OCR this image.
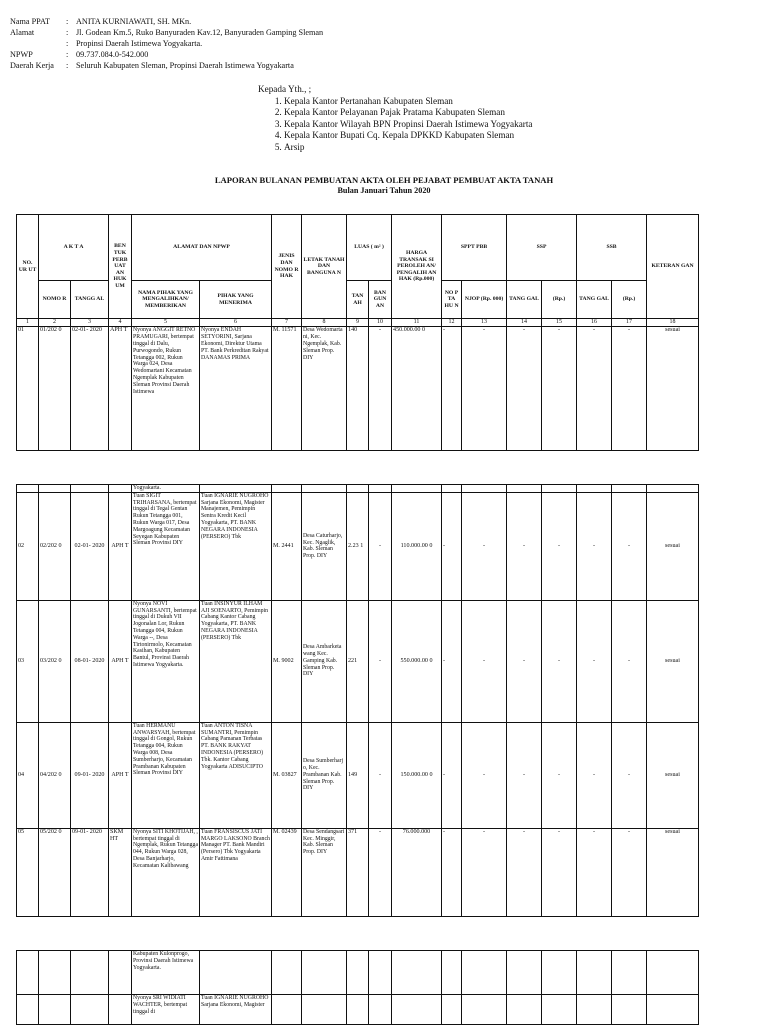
Nama PPAT : ANITA KURNIAWATI, SH. MKn.
Alamat	: Jl. Godean Km.5, Ruko Banyuraden Kav.12, Banyuraden Gamping Sleman
: Propinsi Daerah Istimewa Yogyakarta.
NPWP	: 09.737.084.0-542.000
Daerah Kerja : Seluruh Kabupaten Sleman, Propinsi Daerah Istimewa Yogyakarta
Kepada Yth., ;
1. Kepala Kantor Pertanahan Kabupaten Sleman
2. Kepala Kantor Pelayanan Pajak Pratama Kabupaten Sleman
3. Kepala Kantor Wilayah BPN Propinsi Daerah Istimewa Yogyakarta
4. Kepala Kantor Bupati Cq. Kepala DPKKD Kabupaten Sleman
5. Arsip
LAPORAN BULANAN PEMBUATAN AKTA OLEH PEJABAT PEMBUAT AKTA TANAH
Bulan Januari Tahun 2020
NO. UR UT	A K T A		BEN TUK PERB UAT AN HUK UM	ALAMAT DAN NPWP		JENIS DAN NOMO R HAK	LETAK TANAH DAN BANGUNA N	LUAS ( m² )		HARGA TRANSAK SI PEROLEH AN/ PENGALIH AN HAK (Rp.000)	SPPT PBB		SSP		SSB		KETERAN GAN
	NOMO R	TANGG AL		NAMA PIHAK YANG MENGALIHKAN/ MEMBERIKAN	PIHAK YANG MENERIMA			TAN AH	BAN GUN AN		NO P TA HU N	NJOP (Rp. 000)	TANG GAL	(Rp.)	TANG GAL	(Rp.)	
1	2	3	4	5	6	7	8	9	10	11	12	13	14	15	16	17	18
01	01/202 0	02-01- 2020	APH T	Nyonya ANGGIT RETNO PRAMUGARI, bertempat tinggal di Dalu, Purwogondo, Rukun Tetangga 002, Rukun Warga 024, Desa Wedomartani Kecamatan Ngemplak Kabupaten Sleman Provinsi Daerah Istimewa	Nyonya ENDAH SETYORINI, Sarjana Ekonomi, Direktur Utama PT. Bank Perkreditan Rakyat DANAMAS PRIMA	M. 11571	Desa Wedomarta ni, Kec. Ngemplak, Kab. Sleman Prop. DIY	140	-	450.000.00 0	-	-	-	-	-	-	sesuai
				Yogyakarta.													
02	02/202 0	02-01- 2020	APH T	Tuan SIGIT TRIHARSANA, bertempat tinggal di Tegal Gentan Rukun Tetangga 001, Rukun Warga 017, Desa Margoagung Kecamatan Seyegan Kabupaten Sleman Provinsi DIY	Tuan IGNARIE NUGROHO Sarjana Ekonomi, Magister Manajemen, Pemimpin Sentra Kredit Kecil Yogyakarta, PT. BANK NEGARA INDONESIA (PERSERO) Tbk	M. 2441	Desa Caturharjo, Kec. Ngaglik, Kab. Sleman Prop. DIY	2.23 1	-	110.000.00 0	-	-	-	-	-	-	sesuai
03	03/202 0	08-01- 2020	APH T	Nyonya NOVI GUNARSANTI, bertempat tinggal di Dukuh VII Jogonalan Lor, Rukun Tetangga 004, Rukun Warga --, Desa Tirtonirmolo, Kecamatan Kasihan, Kabupaten Bantul, Provinsi Daerah Istimewa Yogyakarta.	Tuan INSINYUR ILHAM AJI SOENARTO, Pemimpin Cabang Kantor Cabang Yogyakarta, PT. BANK NEGARA INDONESIA (PERSERO) Tbk	M. 9002	Desa Ambarketa wang Kec. Gamping Kab. Sleman Prop. DIY	221	-	550.000.00 0	-	-	-	-	-	-	sesuai
04	04/202 0	09-01- 2020	APH T	Tuan HERMANU ANWARSYAH, bertempat tinggal di Gongol, Rukun Tetangga 004, Rukun Warga 008, Desa Sumberharjo, Kecamatan Prambanan Kabupaten Sleman Provinsi DIY	Tuan ANTON TISNA SUMANTRI, Pemimpin Cabang Pamanan Terbatas PT. BANK RAKYAT INDONESIA (PERSERO) Tbk. Kantor Cabang Yogyakarta ADISUCIPTO	M. 03827	Desa Sumberharj o, Kec. Prambanan Kab. Sleman Prop. DIY	149	-	150.000.00 0	-	-	-	-	-	-	sesuai
05	05/202 0	09-01- 2020	SKM HT	Nyonya SITI KHOTIJAH, , bertempat tinggal di Ngemplak, Rukun Tetangga 044, Rukun Warga 028, Desa Banjarharjo, Kecamatan Kalibawang	Tuan FRANSISCUS JATI MARGO LAKSONO Branch Manager PT. Bank Mandiri (Persero) Tbk Yogyakarta Amir Fattimana	M. 02439	Desa Sendangsari Kec. Minggir, Kab. Sleman Prop. DIY	371	-	76.000.000	-	-	-	-	-	-	sesuai
				Kabupaten Kulonprogo, Provinsi Daerah Istimewa Yogyakarta.													
				Nyonya SRI WIDIATI WACHTER, bertempat tinggal di	Tuan IGNARIE NUGROHO Sarjana Ekonomi, Magister												
